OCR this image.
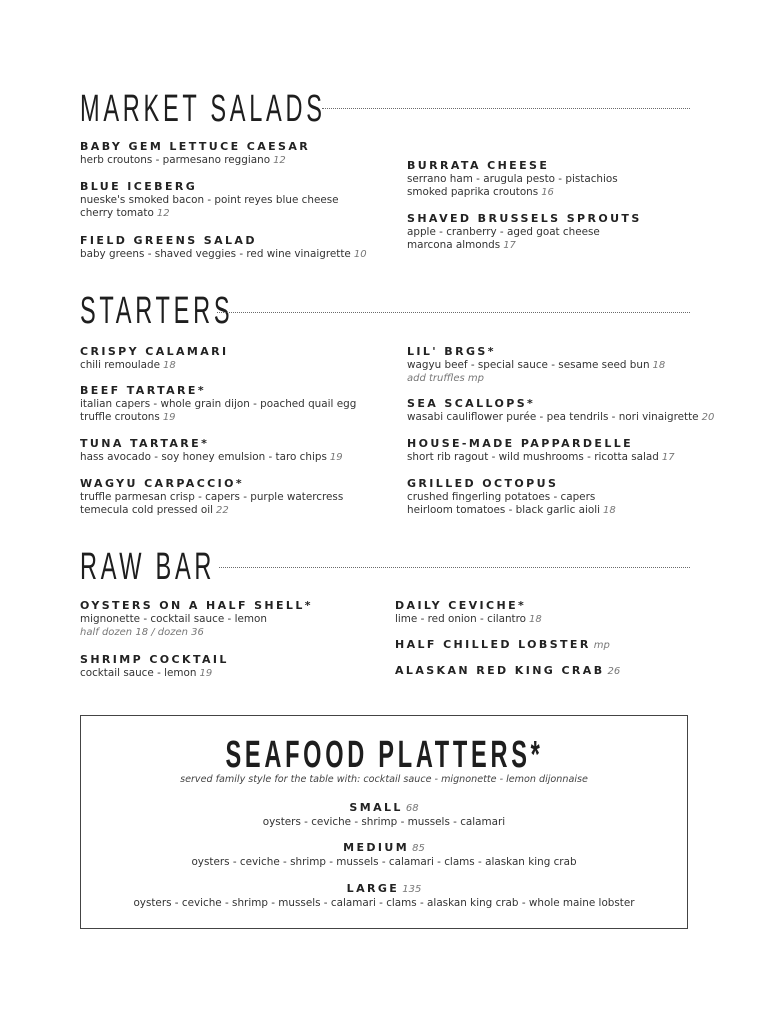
MARKET SALADS
BABY GEM LETTUCE CAESAR
herb croutons - parmesano reggiano 12
BLUE ICEBERG
nueske's smoked bacon - point reyes blue cheese
cherry tomato 12
FIELD GREENS SALAD
baby greens - shaved veggies - red wine vinaigrette 10
BURRATA CHEESE
serrano ham - arugula pesto - pistachios
smoked paprika croutons 16
SHAVED BRUSSELS SPROUTS
apple - cranberry - aged goat cheese
marcona almonds 17
STARTERS
CRISPY CALAMARI
chili remoulade 18
BEEF TARTARE*
italian capers - whole grain dijon - poached quail egg
truffle croutons 19
TUNA TARTARE*
hass avocado - soy honey emulsion - taro chips 19
WAGYU CARPACCIO*
truffle parmesan crisp - capers - purple watercress
temecula cold pressed oil 22
LIL' BRGS*
wagyu beef - special sauce - sesame seed bun 18
add truffles mp
SEA SCALLOPS*
wasabi cauliflower purée - pea tendrils - nori vinaigrette 20
HOUSE-MADE PAPPARDELLE
short rib ragout - wild mushrooms - ricotta salad 17
GRILLED OCTOPUS
crushed fingerling potatoes - capers
heirloom tomatoes - black garlic aioli 18
RAW BAR
OYSTERS ON A HALF SHELL*
mignonette - cocktail sauce - lemon
half dozen 18 / dozen 36
SHRIMP COCKTAIL
cocktail sauce - lemon 19
DAILY CEVICHE*
lime - red onion - cilantro 18
HALF CHILLED LOBSTER mp
ALASKAN RED KING CRAB 26
SEAFOOD PLATTERS*
served family style for the table with: cocktail sauce - mignonette - lemon dijonnaise
SMALL 68
oysters - ceviche - shrimp - mussels - calamari
MEDIUM 85
oysters - ceviche - shrimp - mussels - calamari - clams - alaskan king crab
LARGE 135
oysters - ceviche - shrimp - mussels - calamari - clams - alaskan king crab - whole maine lobster
